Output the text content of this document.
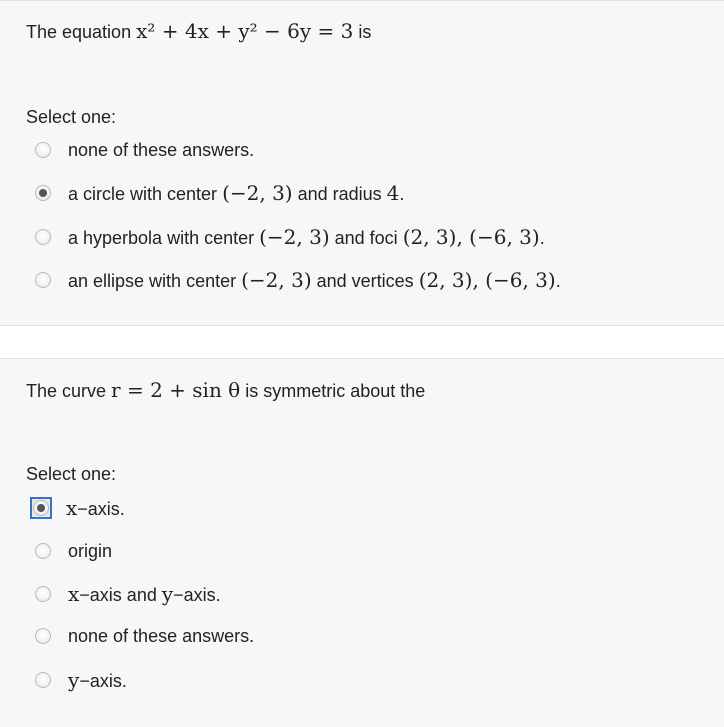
The equation x² + 4x + y² − 6y = 3 is
Select one:
none of these answers.
a circle with center (−2, 3) and radius 4.
a hyperbola with center (−2, 3) and foci (2, 3), (−6, 3).
an ellipse with center (−2, 3) and vertices (2, 3), (−6, 3).
The curve r = 2 + sin θ is symmetric about the
Select one:
x−axis.
origin
x−axis and y−axis.
none of these answers.
y−axis.
